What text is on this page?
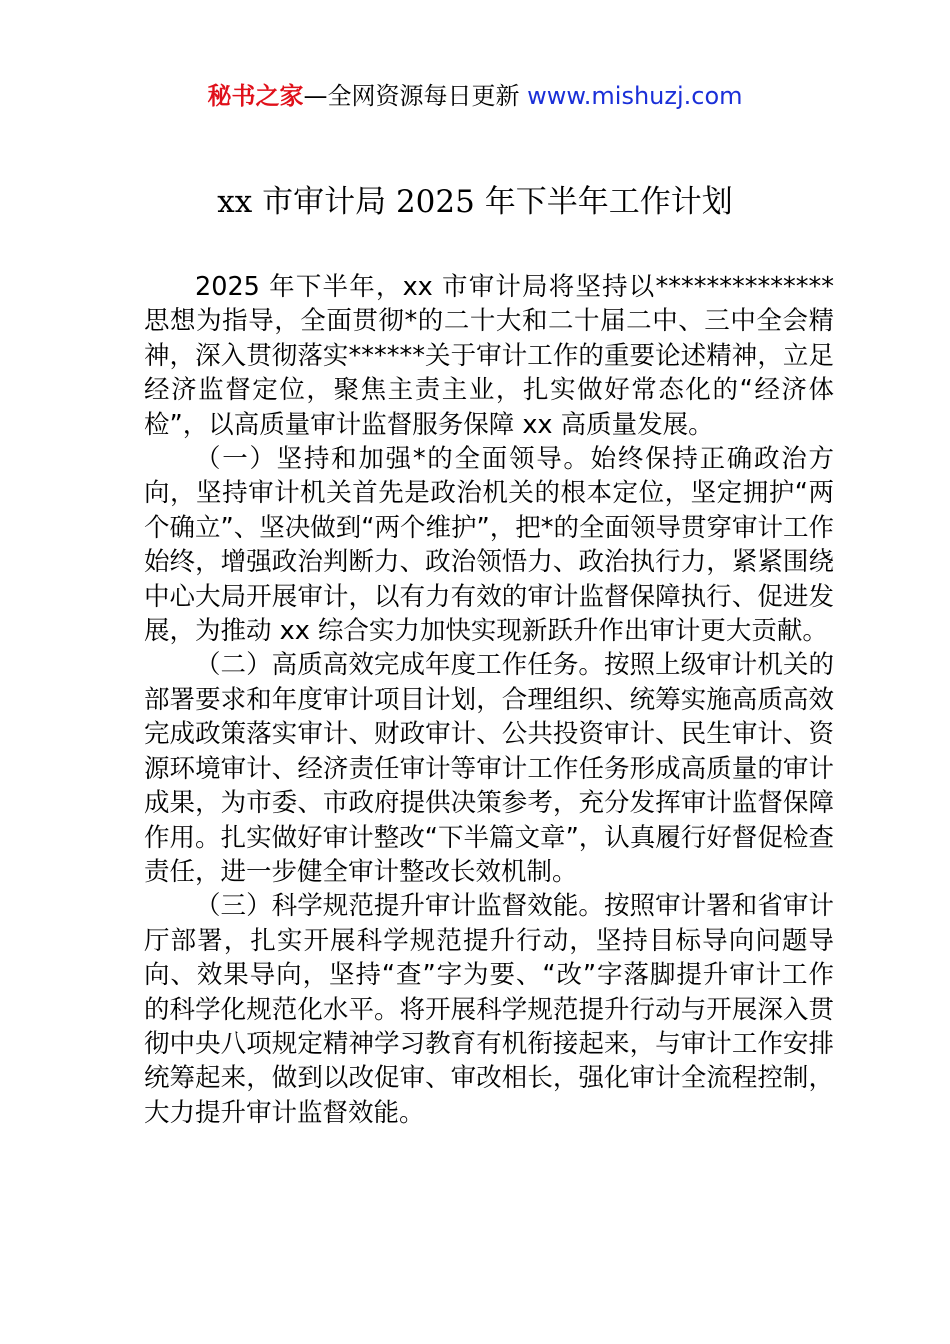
秘书之家—全网资源每日更新 www.mishuzj.com
xx 市审计局 2025 年下半年工作计划

2025 年下半年，xx 市审计局将坚持以**************思想为指导，全面贯彻*的二十大和二十届二中、三中全会精神，深入贯彻落实******关于审计工作的重要论述精神，立足经济监督定位，聚焦主责主业，扎实做好常态化的“经济体检”，以高质量审计监督服务保障 xx 高质量发展。

（一）坚持和加强*的全面领导。始终保持正确政治方向，坚持审计机关首先是政治机关的根本定位，坚定拥护“两个确立”、坚决做到“两个维护”，把*的全面领导贯穿审计工作始终，增强政治判断力、政治领悟力、政治执行力，紧紧围绕中心大局开展审计，以有力有效的审计监督保障执行、促进发展，为推动 xx 综合实力加快实现新跃升作出审计更大贡献。

（二）高质高效完成年度工作任务。按照上级审计机关的部署要求和年度审计项目计划，合理组织、统筹实施高质高效完成政策落实审计、财政审计、公共投资审计、民生审计、资源环境审计、经济责任审计等审计工作任务形成高质量的审计成果，为市委、市政府提供决策参考，充分发挥审计监督保障作用。扎实做好审计整改“下半篇文章”，认真履行好督促检查责任，进一步健全审计整改长效机制。

（三）科学规范提升审计监督效能。按照审计署和省审计厅部署，扎实开展科学规范提升行动，坚持目标导向问题导向、效果导向，坚持“查”字为要、“改”字落脚提升审计工作的科学化规范化水平。将开展科学规范提升行动与开展深入贯彻中央八项规定精神学习教育有机衔接起来，与审计工作安排统筹起来，做到以改促审、审改相长，强化审计全流程控制，大力提升审计监督效能。
